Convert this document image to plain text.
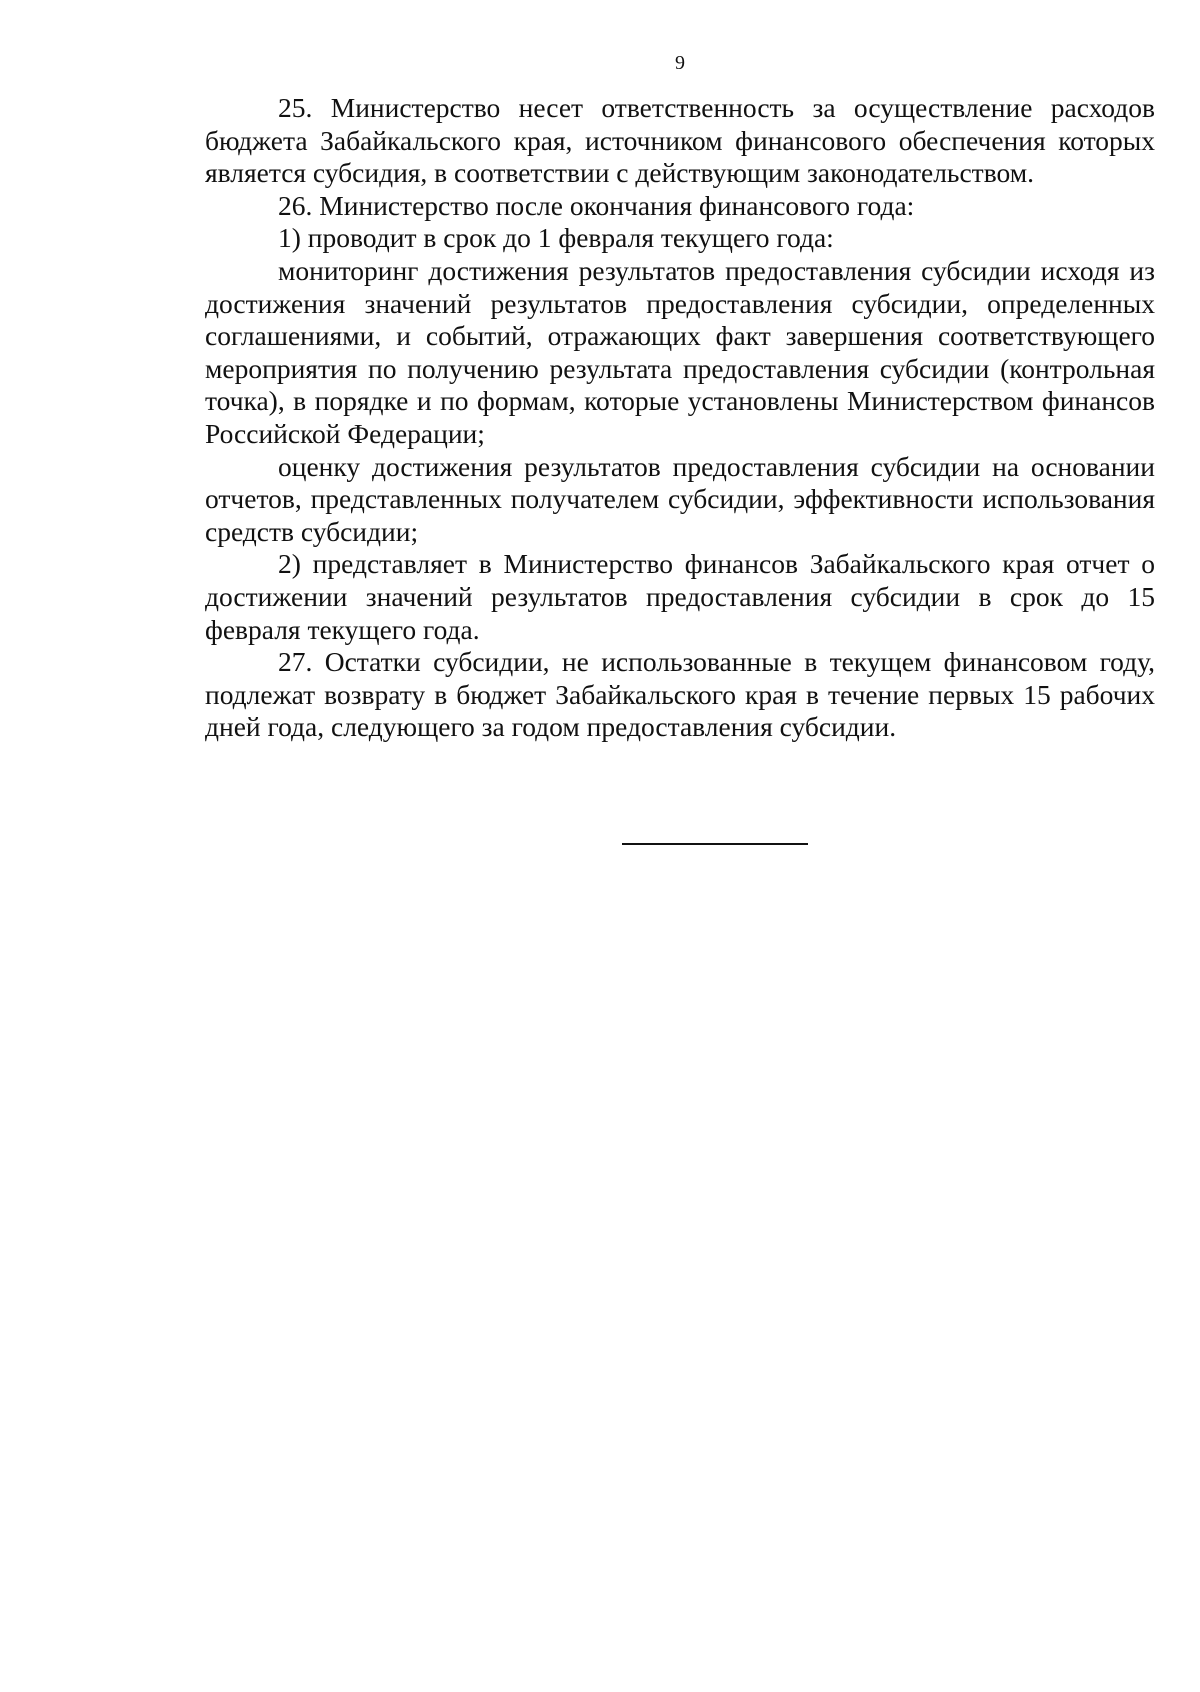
9

25. Министерство несет ответственность за осуществление расходов бюджета Забайкальского края, источником финансового обеспечения которых является субсидия, в соответствии с действующим законодательством.

26. Министерство после окончания финансового года:

1) проводит в срок до 1 февраля текущего года:

мониторинг достижения результатов предоставления субсидии исходя из достижения значений результатов предоставления субсидии, определенных соглашениями, и событий, отражающих факт завершения соответствующего мероприятия по получению результата предоставления субсидии (контрольная точка), в порядке и по формам, которые установлены Министерством финансов Российской Федерации;

оценку достижения результатов предоставления субсидии на основании отчетов, представленных получателем субсидии, эффективности использования средств субсидии;

2) представляет в Министерство финансов Забайкальского края отчет о достижении значений результатов предоставления субсидии в срок до 15 февраля текущего года.

27. Остатки субсидии, не использованные в текущем финансовом году, подлежат возврату в бюджет Забайкальского края в течение первых 15 рабочих дней года, следующего за годом предоставления субсидии.
